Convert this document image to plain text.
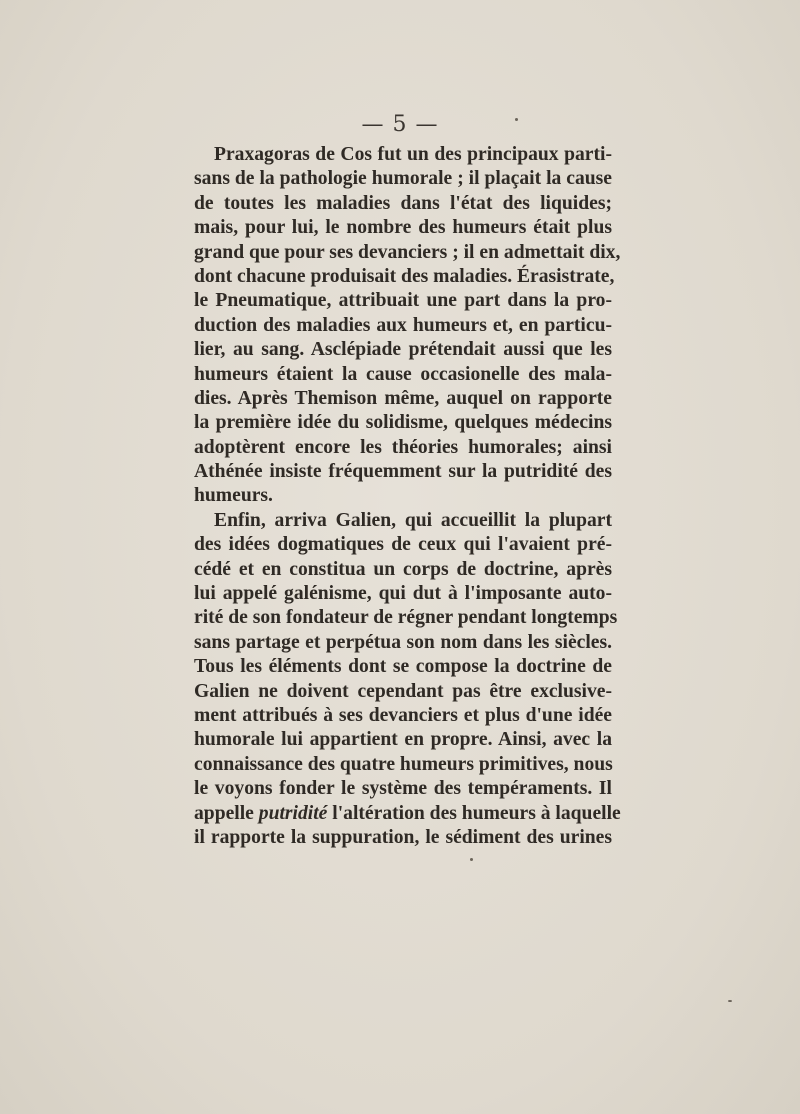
— 5 —
Praxagoras de Cos fut un des principaux parti-
sans de la pathologie humorale ; il plaçait la cause
de toutes les maladies dans l'état des liquides;
mais, pour lui, le nombre des humeurs était plus
grand que pour ses devanciers ; il en admettait dix,
dont chacune produisait des maladies. Érasistrate,
le Pneumatique, attribuait une part dans la pro-
duction des maladies aux humeurs et, en particu-
lier, au sang. Asclépiade prétendait aussi que les
humeurs étaient la cause occasionelle des mala-
dies. Après Themison même, auquel on rapporte
la première idée du solidisme, quelques médecins
adoptèrent encore les théories humorales; ainsi
Athénée insiste fréquemment sur la putridité des
humeurs.
Enfin, arriva Galien, qui accueillit la plupart
des idées dogmatiques de ceux qui l'avaient pré-
cédé et en constitua un corps de doctrine, après
lui appelé galénisme, qui dut à l'imposante auto-
rité de son fondateur de régner pendant longtemps
sans partage et perpétua son nom dans les siècles.
Tous les éléments dont se compose la doctrine de
Galien ne doivent cependant pas être exclusive-
ment attribués à ses devanciers et plus d'une idée
humorale lui appartient en propre. Ainsi, avec la
connaissance des quatre humeurs primitives, nous
le voyons fonder le système des tempéraments. Il
appelle putridité l'altération des humeurs à laquelle
il rapporte la suppuration, le sédiment des urines
